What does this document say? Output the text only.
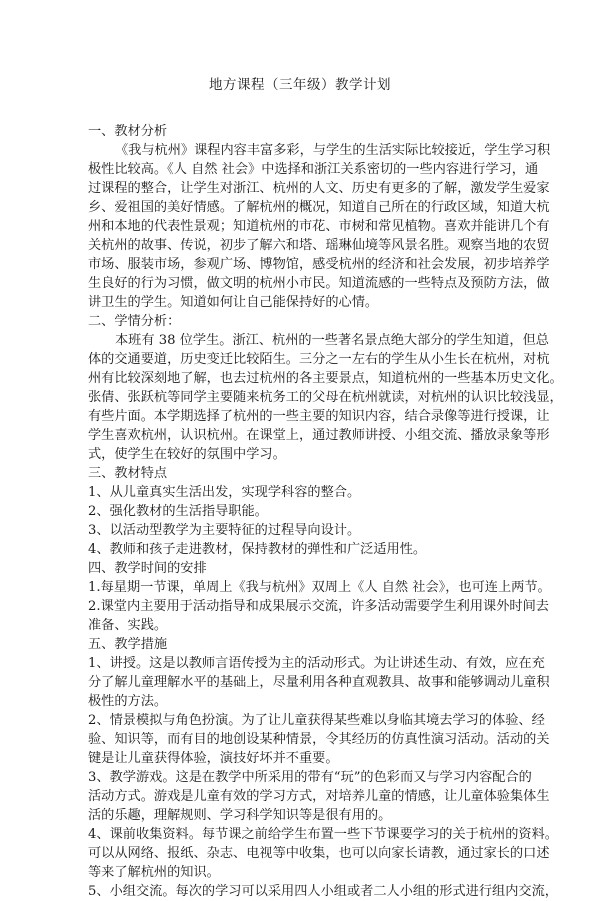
地方课程（三年级）教学计划
一、教材分析
《我与杭州》课程内容丰富多彩，与学生的生活实际比较接近，学生学习积
极性比较高。《人 自然 社会》中选择和浙江关系密切的一些内容进行学习，通
过课程的整合，让学生对浙江、杭州的人文、历史有更多的了解，激发学生爱家
乡、爱祖国的美好情感。了解杭州的概况，知道自己所在的行政区域，知道大杭
州和本地的代表性景观；知道杭州的市花、市树和常见植物。喜欢并能讲几个有
关杭州的故事、传说，初步了解六和塔、瑶琳仙境等风景名胜。观察当地的农贸
市场、服装市场，参观广场、博物馆，感受杭州的经济和社会发展，初步培养学
生良好的行为习惯，做文明的杭州小市民。知道流感的一些特点及预防方法，做
讲卫生的学生。知道如何让自己能保持好的心情。
二、学情分析：
本班有 38 位学生。浙江、杭州的一些著名景点绝大部分的学生知道，但总
体的交通要道，历史变迁比较陌生。三分之一左右的学生从小生长在杭州，对杭
州有比较深刻地了解，也去过杭州的各主要景点，知道杭州的一些基本历史文化。
张倩、张跃杭等同学主要随来杭务工的父母在杭州就读，对杭州的认识比较浅显，
有些片面。本学期选择了杭州的一些主要的知识内容，结合录像等进行授课，让
学生喜欢杭州，认识杭州。在课堂上，通过教师讲授、小组交流、播放录象等形
式，使学生在较好的氛围中学习。
三、教材特点
1、从儿童真实生活出发，实现学科容的整合。
2、强化教材的生活指导职能。
3、以活动型教学为主要特征的过程导向设计。
4、教师和孩子走进教材，保持教材的弹性和广泛适用性。
四、教学时间的安排
1.每星期一节课，单周上《我与杭州》双周上《人 自然 社会》，也可连上两节。
2.课堂内主要用于活动指导和成果展示交流，许多活动需要学生利用课外时间去
准备、实践。
五、教学措施
1、讲授。这是以教师言语传授为主的活动形式。为让讲述生动、有效，应在充
分了解儿童理解水平的基础上，尽量利用各种直观教具、故事和能够调动儿童积
极性的方法。
2、情景模拟与角色扮演。为了让儿童获得某些难以身临其境去学习的体验、经
验、知识等，而有目的地创设某种情景，令其经历的仿真性演习活动。活动的关
键是让儿童获得体验，演技好坏并不重要。
3、教学游戏。这是在教学中所采用的带有“玩”的色彩而又与学习内容配合的
活动方式。游戏是儿童有效的学习方式，对培养儿童的情感，让儿童体验集体生
活的乐趣，理解规则、学习科学知识等是很有用的。
4、课前收集资料。每节课之前给学生布置一些下节课要学习的关于杭州的资料。
可以从网络、报纸、杂志、电视等中收集，也可以向家长请教，通过家长的口述
等来了解杭州的知识。
5、小组交流。每次的学习可以采用四人小组或者二人小组的形式进行组内交流，
